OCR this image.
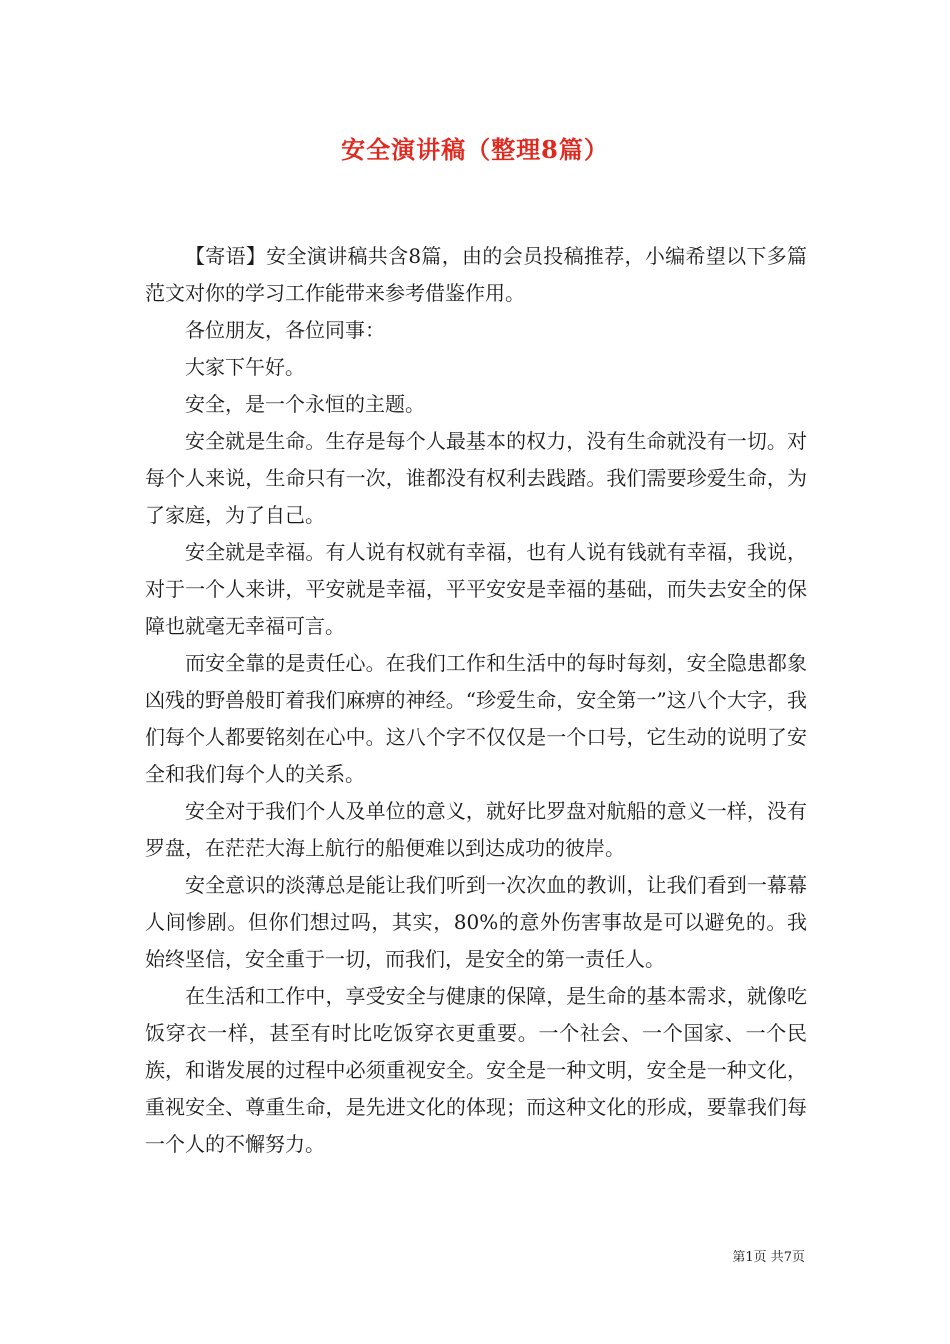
安全演讲稿（整理8篇）

【寄语】安全演讲稿共含8篇，由的会员投稿推荐，小编希望以下多篇范文对你的学习工作能带来参考借鉴作用。

各位朋友，各位同事：

大家下午好。

安全，是一个永恒的主题。

安全就是生命。生存是每个人最基本的权力，没有生命就没有一切。对每个人来说，生命只有一次，谁都没有权利去践踏。我们需要珍爱生命，为了家庭，为了自己。

安全就是幸福。有人说有权就有幸福，也有人说有钱就有幸福，我说，对于一个人来讲，平安就是幸福，平平安安是幸福的基础，而失去安全的保障也就毫无幸福可言。

而安全靠的是责任心。在我们工作和生活中的每时每刻，安全隐患都象凶残的野兽般盯着我们麻痹的神经。“珍爱生命，安全第一”这八个大字，我们每个人都要铭刻在心中。这八个字不仅仅是一个口号，它生动的说明了安全和我们每个人的关系。

安全对于我们个人及单位的意义，就好比罗盘对航船的意义一样，没有罗盘，在茫茫大海上航行的船便难以到达成功的彼岸。

安全意识的淡薄总是能让我们听到一次次血的教训，让我们看到一幕幕人间惨剧。但你们想过吗，其实，80%的意外伤害事故是可以避免的。我始终坚信，安全重于一切，而我们，是安全的第一责任人。

在生活和工作中，享受安全与健康的保障，是生命的基本需求，就像吃饭穿衣一样，甚至有时比吃饭穿衣更重要。一个社会、一个国家、一个民族，和谐发展的过程中必须重视安全。安全是一种文明，安全是一种文化，重视安全、尊重生命，是先进文化的体现；而这种文化的形成，要靠我们每一个人的不懈努力。

第1页 共7页
